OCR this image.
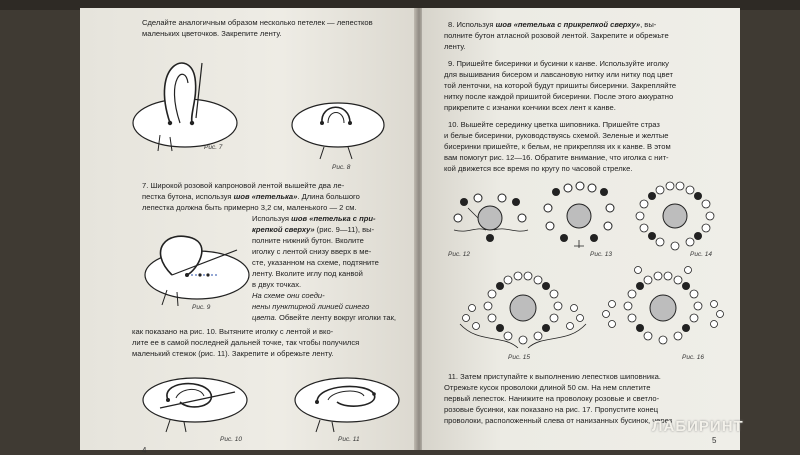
Сделайте аналогичным образом несколько петелек — лепестков маленьких цветочков. Закрепите ленту.
Рис. 7
Рис. 8
7. Широкой розовой капроновой лентой вышейте два ле-
пестка бутона, используя шов «петелька». Длина большого
лепестка должна быть примерно 3,2 см, маленького — 2 см.
Используя шов «петелька с при-
крепкой сверху» (рис. 9—11), вы-
полните нижний бутон. Вколите
иголку с лентой снизу вверх в ме-
сте, указанном на схеме, подтяните
ленту. Вколите иглу под канвой
в двух точках.
На схеме они соеди-
нены пунктирной линией синего
цвета. Обвейте ленту вокруг иголки так,
Рис. 9
как показано на рис. 10. Вытяните иголку с лентой и вко-
лите ее в самой последней дальней точке, так чтобы получился
маленький стежок (рис. 11). Закрепите и обрежьте ленту.
Рис. 10	Рис. 11
4
8. Используя шов «петелька с прикрепкой сверху», вы-
полните бутон атласной розовой лентой. Закрепите и обрежьте
ленту.
9. Пришейте бисеринки и бусинки к канве. Используйте иголку
для вышивания бисером и лавсановую нитку или нитку под цвет
той ленточки, на которой будут пришиты бисеринки. Закрепляйте
нитку после каждой пришитой бисеринки. После этого аккуратно
прикрепите с изнанки кончики всех лент к канве.
10. Вышейте серединку цветка шиповника. Пришейте страз
и белые бисеринки, руководствуясь схемой. Зеленые и желтые
бисеринки пришейте, к бельм, не прикрепляя их к канве. В этом
вам помогут рис. 12—16. Обратите внимание, что иголка с нит-
кой движется все время по кругу по часовой стрелке.
Рис. 12	Рис. 13	Рис. 14
Рис. 15	Рис. 16
11. Затем приступайте к выполнению лепестков шиповника.
Отрежьте кусок проволоки длиной 50 см. На нем сплетите
первый лепесток. Нанижите на проволоку розовые и светло-
розовые бусинки, как показано на рис. 17. Пропустите конец
проволоки, расположенный слева от нанизанных бусинок, через
5
ЛАБИРИНТ
